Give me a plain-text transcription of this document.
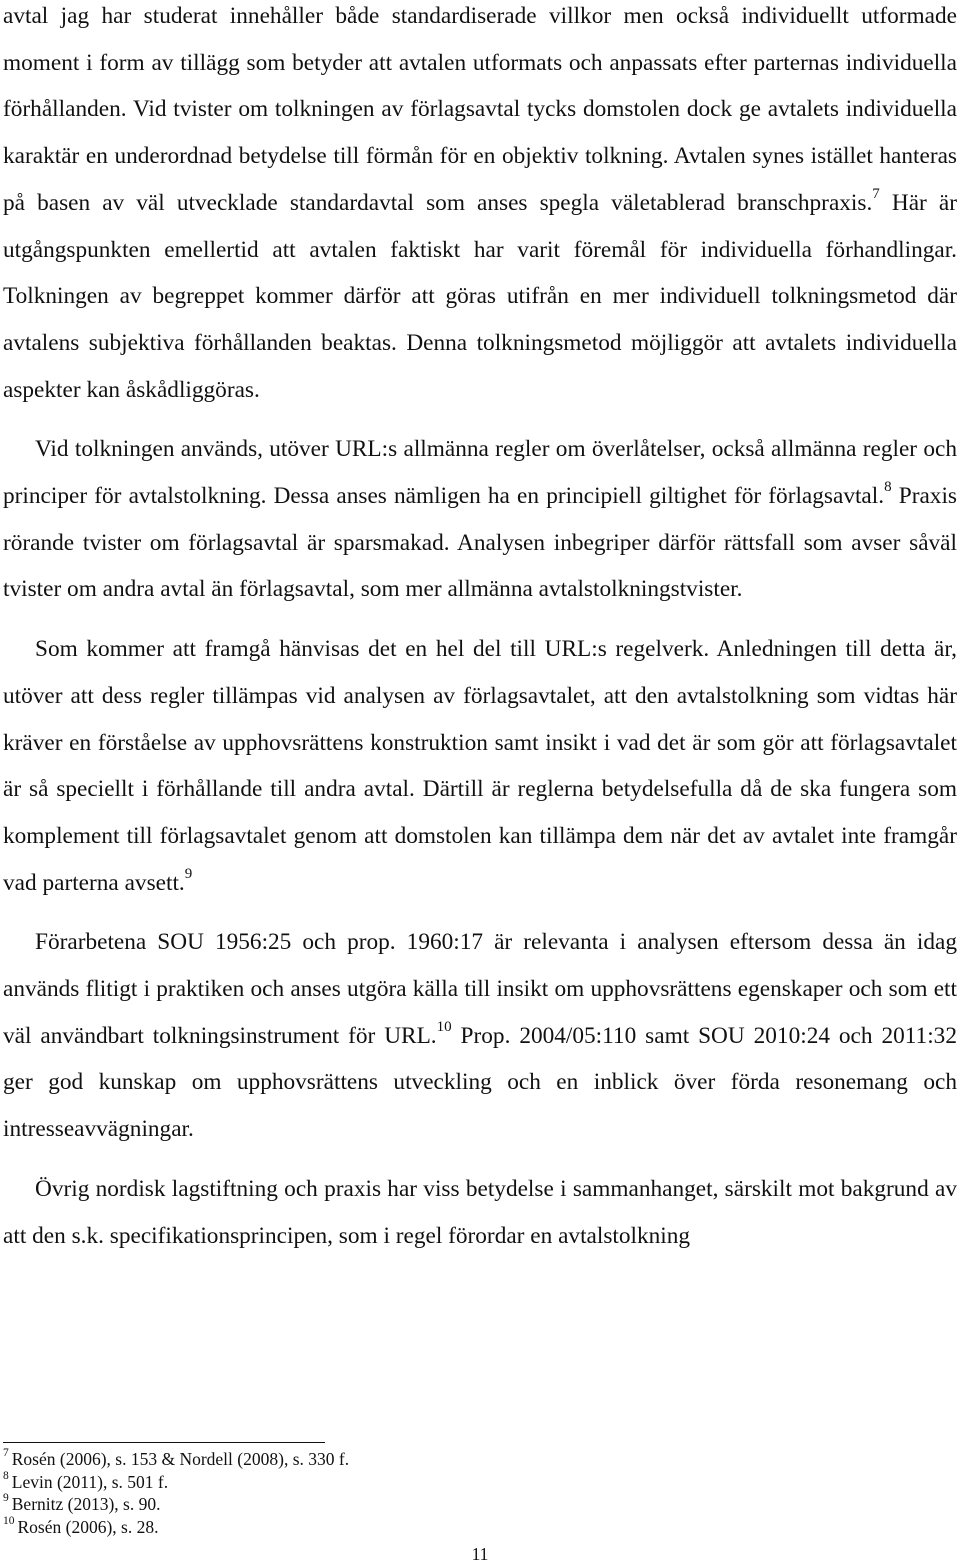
avtal jag har studerat innehåller både standardiserade villkor men också individuellt utformade moment i form av tillägg som betyder att avtalen utformats och anpassats efter parternas individuella förhållanden. Vid tvister om tolkningen av förlagsavtal tycks domstolen dock ge avtalets individuella karaktär en underordnad betydelse till förmån för en objektiv tolkning. Avtalen synes istället hanteras på basen av väl utvecklade standardavtal som anses spegla väletablerad branschpraxis.$^7$ Här är utgångspunkten emellertid att avtalen faktiskt har varit föremål för individuella förhandlingar. Tolkningen av begreppet kommer därför att göras utifrån en mer individuell tolkningsmetod där avtalens subjektiva förhållanden beaktas. Denna tolkningsmetod möjliggör att avtalets individuella aspekter kan åskådliggöras.

Vid tolkningen används, utöver URL:s allmänna regler om överlåtelser, också allmänna regler och principer för avtalstolkning. Dessa anses nämligen ha en principiell giltighet för förlagsavtal.$^8$ Praxis rörande tvister om förlagsavtal är sparsmakad. Analysen inbegriper därför rättsfall som avser såväl tvister om andra avtal än förlagsavtal, som mer allmänna avtalstolkningstvister.

Som kommer att framgå hänvisas det en hel del till URL:s regelverk. Anledningen till detta är, utöver att dess regler tillämpas vid analysen av förlagsavtalet, att den avtalstolkning som vidtas här kräver en förståelse av upphovsrättens konstruktion samt insikt i vad det är som gör att förlagsavtalet är så speciellt i förhållande till andra avtal. Därtill är reglerna betydelsefulla då de ska fungera som komplement till förlagsavtalet genom att domstolen kan tillämpa dem när det av avtalet inte framgår vad parterna avsett.$^9$

Förarbetena SOU 1956:25 och prop. 1960:17 är relevanta i analysen eftersom dessa än idag används flitigt i praktiken och anses utgöra källa till insikt om upphovsrättens egenskaper och som ett väl användbart tolkningsinstrument för URL.$^{10}$ Prop. 2004/05:110 samt SOU 2010:24 och 2011:32 ger god kunskap om upphovsrättens utveckling och en inblick över förda resonemang och intresseavvägningar.

Övrig nordisk lagstiftning och praxis har viss betydelse i sammanhanget, särskilt mot bakgrund av att den s.k. specifikationsprincipen, som i regel förordar en avtalstolkning

$^7$ Rosén (2006), s. 153 & Nordell (2008), s. 330 f.

$^8$ Levin (2011), s. 501 f.

$^9$ Bernitz (2013), s. 90.

$^{10}$ Rosén (2006), s. 28.

11
